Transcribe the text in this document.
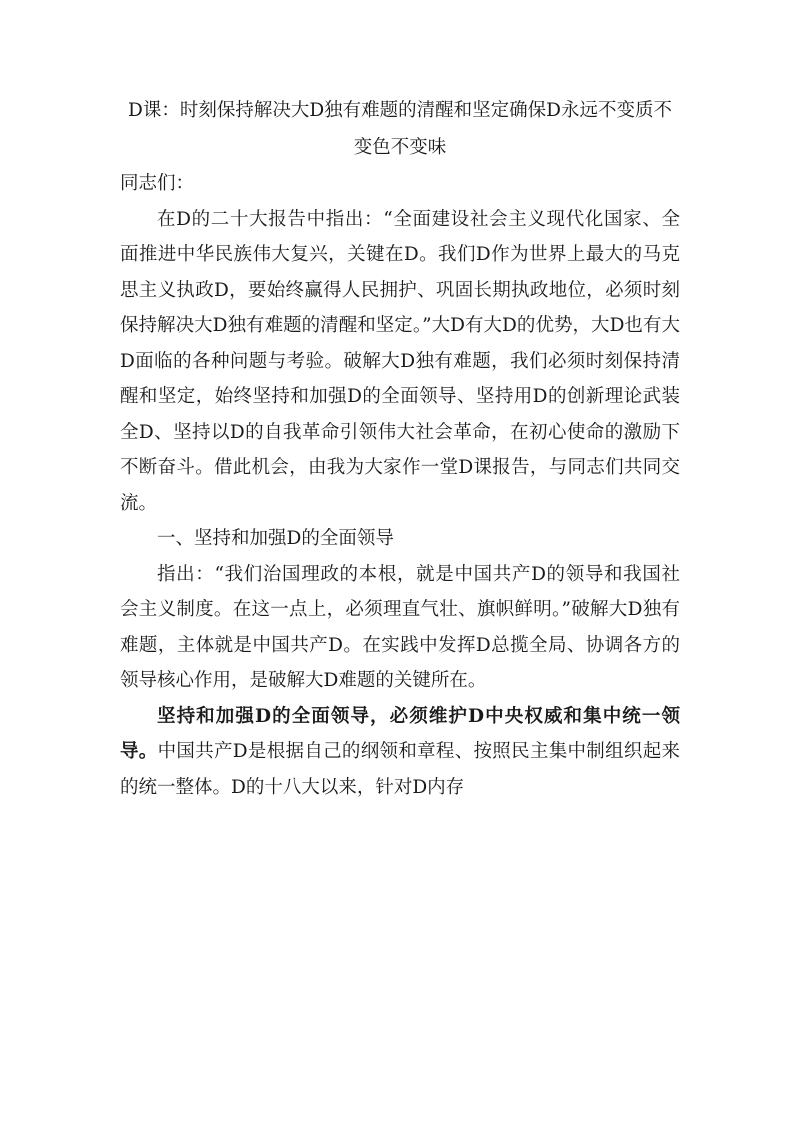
D课：时刻保持解决大D独有难题的清醒和坚定确保D永远不变质不变色不变味

同志们：

在D的二十大报告中指出：“全面建设社会主义现代化国家、全面推进中华民族伟大复兴，关键在D。我们D作为世界上最大的马克思主义执政D，要始终赢得人民拥护、巩固长期执政地位，必须时刻保持解决大D独有难题的清醒和坚定。”大D有大D的优势，大D也有大D面临的各种问题与考验。破解大D独有难题，我们必须时刻保持清醒和坚定，始终坚持和加强D的全面领导、坚持用D的创新理论武装全D、坚持以D的自我革命引领伟大社会革命，在初心使命的激励下不断奋斗。借此机会，由我为大家作一堂D课报告，与同志们共同交流。

一、坚持和加强D的全面领导

指出：“我们治国理政的本根，就是中国共产D的领导和我国社会主义制度。在这一点上，必须理直气壮、旗帜鲜明。”破解大D独有难题，主体就是中国共产D。在实践中发挥D总揽全局、协调各方的领导核心作用，是破解大D难题的关键所在。

坚持和加强D的全面领导，必须维护D中央权威和集中统一领导。中国共产D是根据自己的纲领和章程、按照民主集中制组织起来的统一整体。D的十八大以来，针对D内存
